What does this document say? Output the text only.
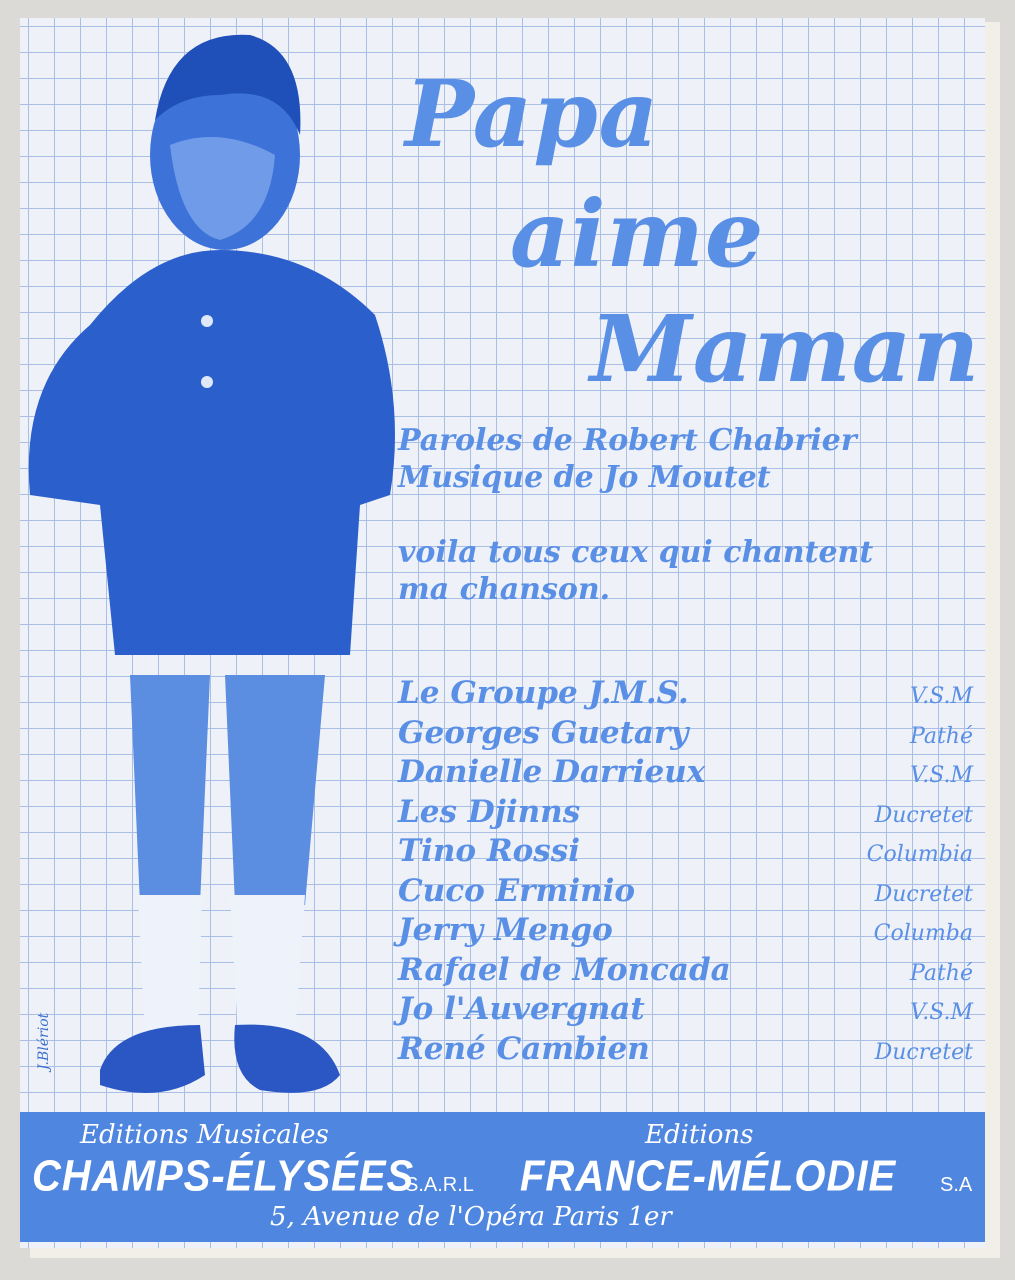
J.Blériot
Papa
aime
Maman
Paroles de Robert Chabrier
Musique de Jo Moutet
voila tous ceux qui chantent
ma chanson.
Le Groupe J.M.S.	V.S.M
Georges Guetary	Pathé
Danielle Darrieux	V.S.M
Les Djinns	Ducretet
Tino Rossi	Columbia
Cuco Erminio	Ducretet
Jerry Mengo	Columba
Rafael de Moncada	Pathé
Jo l'Auvergnat	V.S.M
René Cambien	Ducretet
Editions Musicales
CHAMPS-ÉLYSÉES
S.A.R.L
Editions
FRANCE-MÉLODIE S.A
5, Avenue de l'Opéra Paris 1er
